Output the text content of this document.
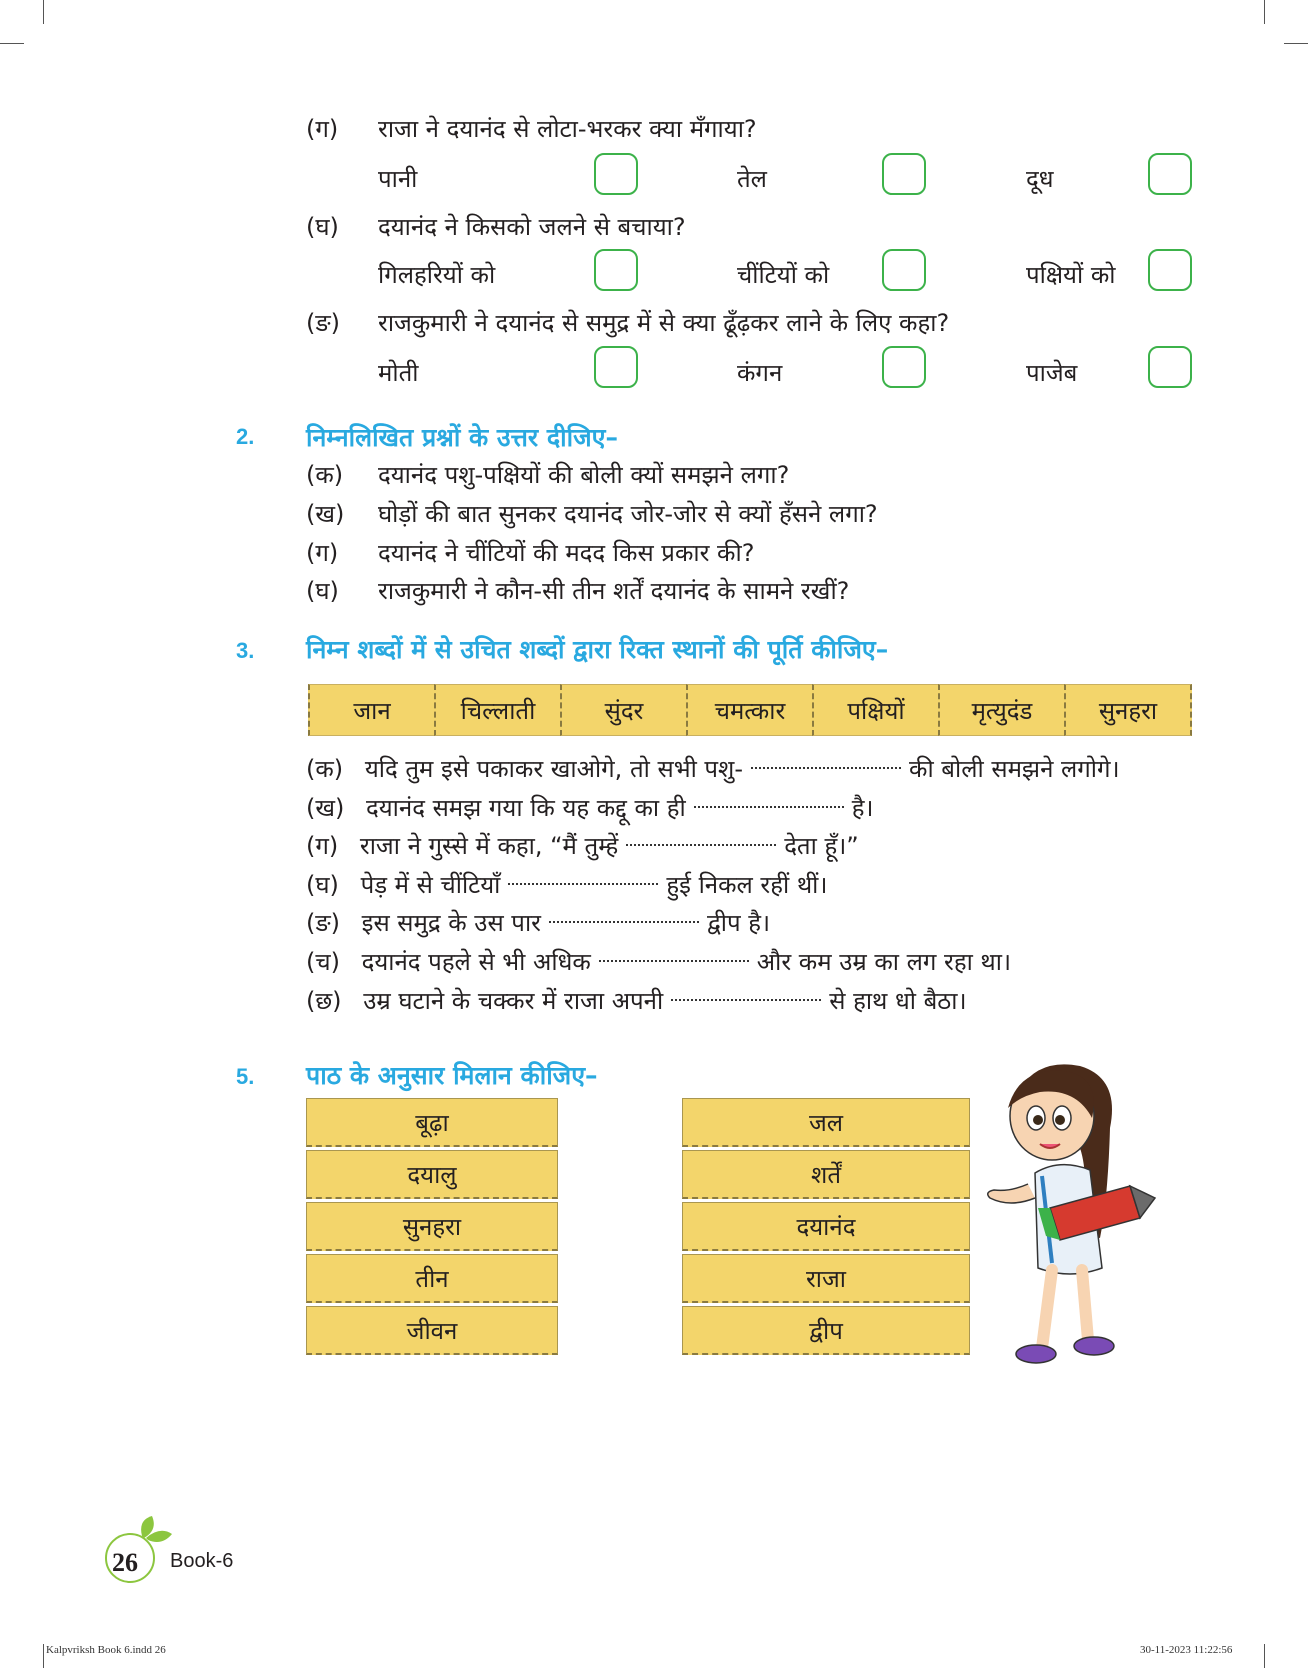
(ग) राजा ने दयानंद से लोटा-भरकर क्या मँगाया?
पानी	तेल	दूध
(घ) दयानंद ने किसको जलने से बचाया?
गिलहरियों को	चींटियों को	पक्षियों को
(ङ) राजकुमारी ने दयानंद से समुद्र में से क्या ढूँढ़कर लाने के लिए कहा?
मोती	कंगन	पाजेब
2. निम्नलिखित प्रश्नों के उत्तर दीजिए–
(क) दयानंद पशु-पक्षियों की बोली क्यों समझने लगा?
(ख) घोड़ों की बात सुनकर दयानंद जोर-जोर से क्यों हँसने लगा?
(ग) दयानंद ने चींटियों की मदद किस प्रकार की?
(घ) राजकुमारी ने कौन-सी तीन शर्तें दयानंद के सामने रखीं?
3. निम्न शब्दों में से उचित शब्दों द्वारा रिक्त स्थानों की पूर्ति कीजिए–
जान	चिल्लाती	सुंदर	चमत्कार	पक्षियों	मृत्युदंड	सुनहरा
(क) यदि तुम इसे पकाकर खाओगे, तो सभी पशु-	की बोली समझने लगोगे।
(ख) दयानंद समझ गया कि यह कद्दू का ही	है।
(ग) राजा ने गुस्से में कहा, “मैं तुम्हें	देता हूँ।”
(घ) पेड़ में से चींटियाँ	हुई निकल रहीं थीं।
(ङ) इस समुद्र के उस पार	द्वीप है।
(च) दयानंद पहले से भी अधिक	और कम उम्र का लग रहा था।
(छ) उम्र घटाने के चक्कर में राजा अपनी	से हाथ धो बैठा।
5. पाठ के अनुसार मिलान कीजिए–
बूढ़ा
दयालु
सुनहरा
तीन
जीवन
जल
शर्तें
दयानंद
राजा
द्वीप
26 Book-6
Kalpvriksh Book 6.indd 26	30-11-2023 11:22:56
